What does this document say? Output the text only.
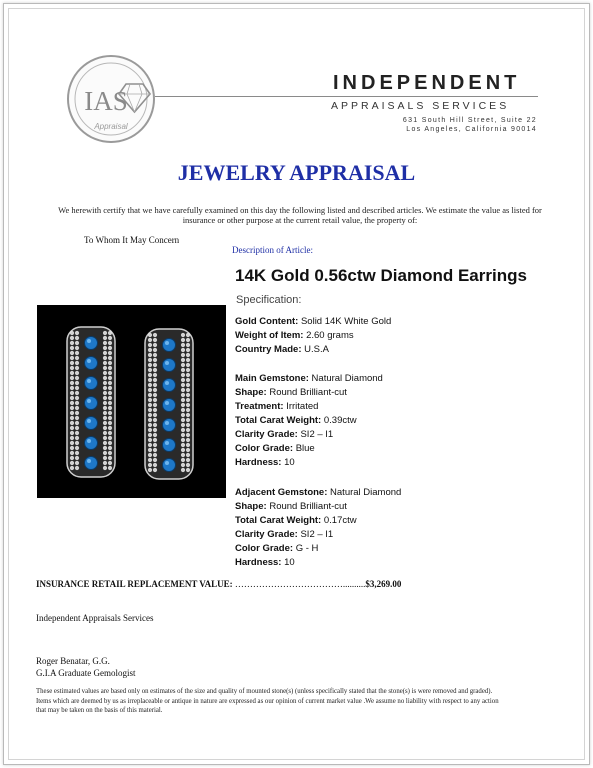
IAS
Appraisal
INDEPENDENT
APPRAISALS SERVICES
631 South Hill Street, Suite 22
Los Angeles, California 90014
JEWELRY APPRAISAL
We herewith certify that we have carefully examined on this day the following listed and described articles. We estimate the value as listed for insurance or other purpose at the current retail value, the property of:
To Whom It May Concern
Description of Article:
14K Gold 0.56ctw Diamond Earrings
Specification:
Gold Content: Solid 14K White Gold
Weight of Item: 2.60 grams
Country Made: U.S.A
Main Gemstone: Natural Diamond
Shape: Round Brilliant-cut
Treatment: Irritated
Total Carat Weight: 0.39ctw
Clarity Grade: SI2 – I1
Color Grade: Blue
Hardness: 10
Adjacent Gemstone: Natural Diamond
Shape: Round Brilliant-cut
Total Carat Weight: 0.17ctw
Clarity Grade: SI2 – I1
Color Grade: G - H
Hardness: 10
INSURANCE RETAIL REPLACEMENT VALUE: ………………………………..........$3,269.00
Independent Appraisals Services
Roger Benatar, G.G.
G.I.A Graduate Gemologist
These estimated values are based only on estimates of the size and quality of mounted stone(s) (unless specifically stated that the stone(s) is were removed and graded). Items which are deemed by us as irreplaceable or antique in nature are expressed as our opinion of current market value .We assume no liability with respect to any action that may be taken on the basis of this material.
